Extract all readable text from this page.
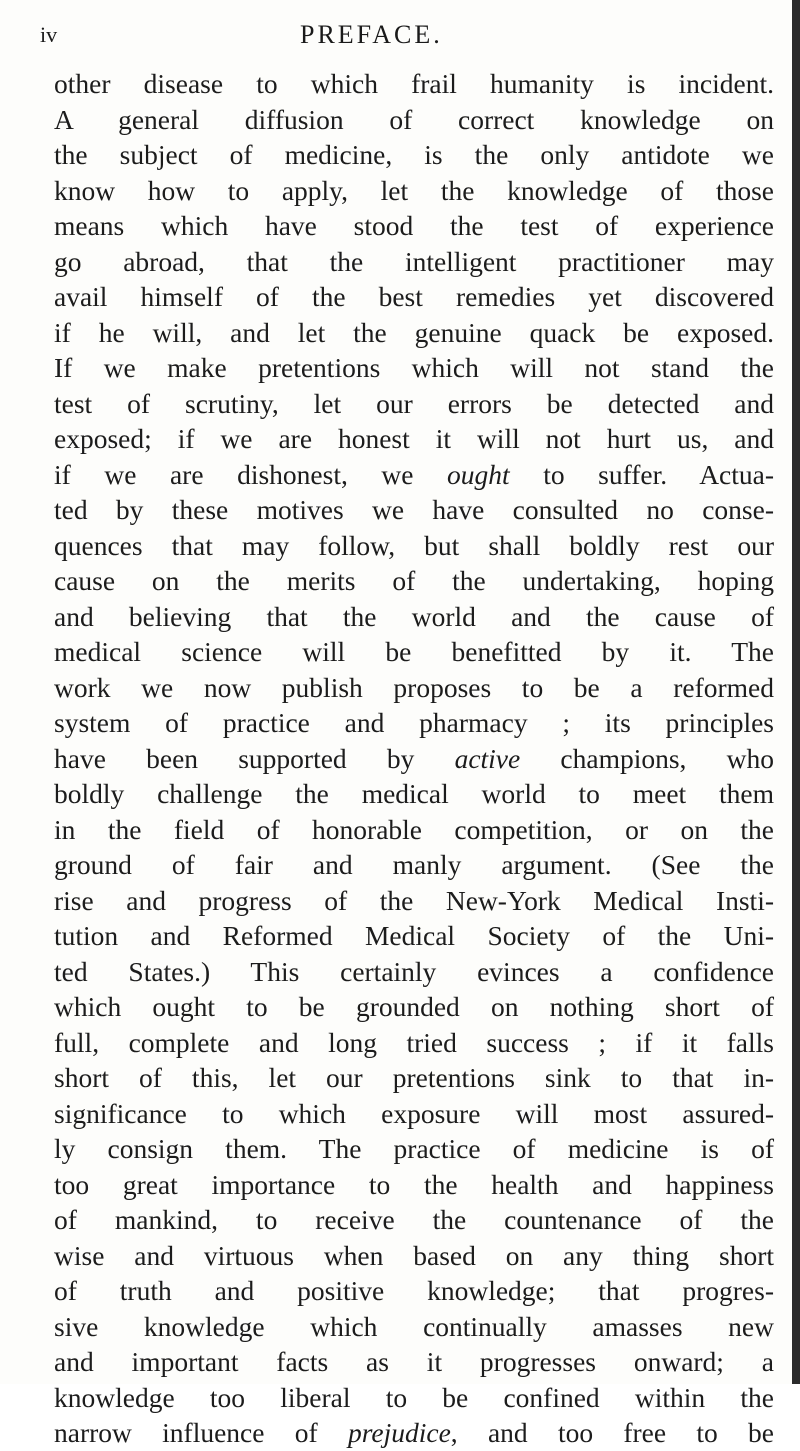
iv	PREFACE.
other disease to which frail humanity is incident.
A general diffusion of correct knowledge on
the subject of medicine, is the only antidote we
know how to apply, let the knowledge of those
means which have stood the test of experience
go abroad, that the intelligent practitioner may
avail himself of the best remedies yet discovered
if he will, and let the genuine quack be exposed.
If we make pretentions which will not stand the
test of scrutiny, let our errors be detected and
exposed; if we are honest it will not hurt us, and
if we are dishonest, we ought to suffer. Actua-
ted by these motives we have consulted no conse-
quences that may follow, but shall boldly rest our
cause on the merits of the undertaking, hoping
and believing that the world and the cause of
medical science will be benefitted by it. The
work we now publish proposes to be a reformed
system of practice and pharmacy ; its principles
have been supported by active champions, who
boldly challenge the medical world to meet them
in the field of honorable competition, or on the
ground of fair and manly argument. (See the
rise and progress of the New-York Medical Insti-
tution and Reformed Medical Society of the Uni-
ted States.) This certainly evinces a confidence
which ought to be grounded on nothing short of
full, complete and long tried success ; if it falls
short of this, let our pretentions sink to that in-
significance to which exposure will most assured-
ly consign them. The practice of medicine is of
too great importance to the health and happiness
of mankind, to receive the countenance of the
wise and virtuous when based on any thing short
of truth and positive knowledge; that progres-
sive knowledge which continually amasses new
and important facts as it progresses onward; a
knowledge too liberal to be confined within the
narrow influence of prejudice, and too free to be
